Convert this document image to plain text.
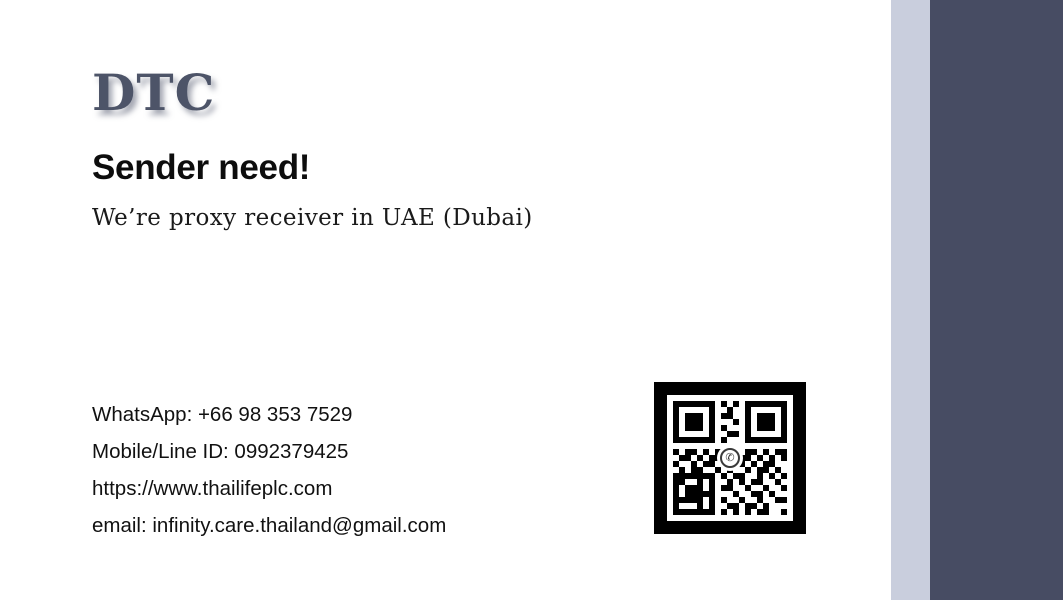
DTC
Sender need!
We’re proxy receiver in UAE (Dubai)
WhatsApp: +66 98 353 7529
Mobile/Line ID: 0992379425
https://www.thailifeplc.com
email: infinity.care.thailand@gmail.com
✆
